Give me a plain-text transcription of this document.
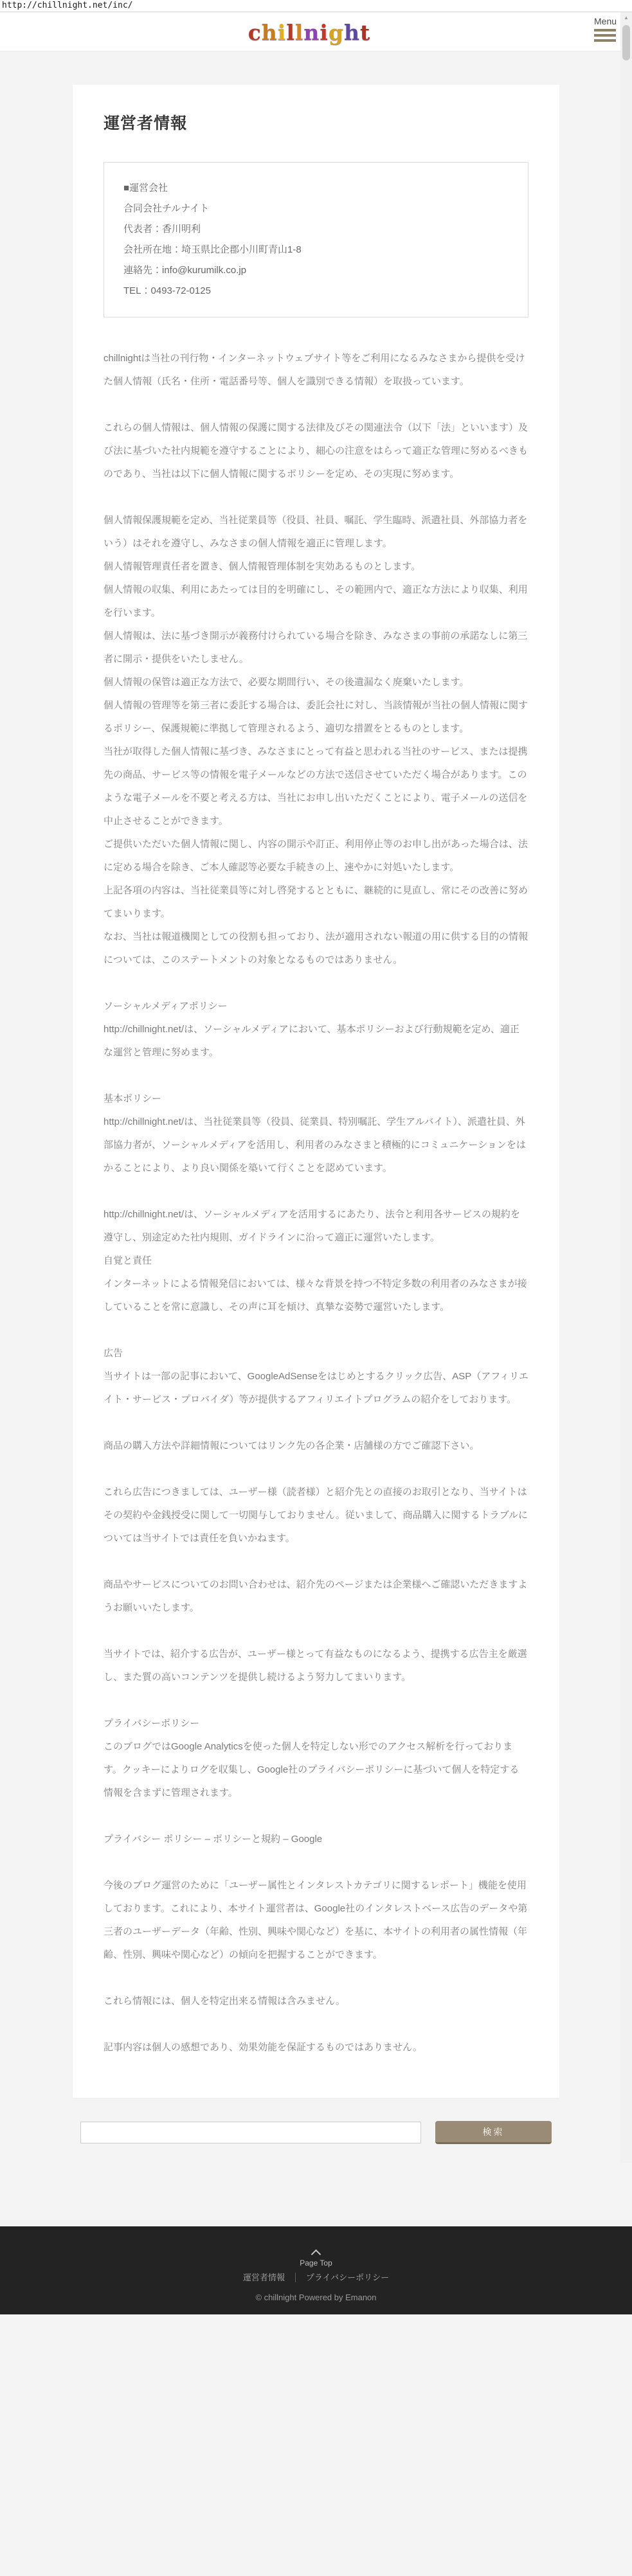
http://chillnight.net/inc/
▲
chillnight	Menu
運営者情報
■運営会社
合同会社チルナイト
代表者：香川明利
会社所在地：埼玉県比企郡小川町青山1-8
連絡先：info@kurumilk.co.jp
TEL：0493-72-0125

chillnightは当社の刊行物・インターネットウェブサイト等をご利用になるみなさまから提供を受けた個人情報（氏名・住所・電話番号等、個人を識別できる情報）を取扱っています。

これらの個人情報は、個人情報の保護に関する法律及びその関連法令（以下「法」といいます）及び法に基づいた社内規範を遵守することにより、細心の注意をはらって適正な管理に努めるべきものであり、当社は以下に個人情報に関するポリシーを定め、その実現に努めます。

個人情報保護規範を定め、当社従業員等（役員、社員、嘱託、学生臨時、派遣社員、外部協力者をいう）はそれを遵守し、みなさまの個人情報を適正に管理します。
個人情報管理責任者を置き、個人情報管理体制を実効あるものとします。
個人情報の収集、利用にあたっては目的を明確にし、その範囲内で、適正な方法により収集、利用を行います。
個人情報は、法に基づき開示が義務付けられている場合を除き、みなさまの事前の承諾なしに第三者に開示・提供をいたしません。
個人情報の保管は適正な方法で、必要な期間行い、その後遺漏なく廃棄いたします。
個人情報の管理等を第三者に委託する場合は、委託会社に対し、当該情報が当社の個人情報に関するポリシー、保護規範に準拠して管理されるよう、適切な措置をとるものとします。
当社が取得した個人情報に基づき、みなさまにとって有益と思われる当社のサービス、または提携先の商品、サービス等の情報を電子メールなどの方法で送信させていただく場合があります。このような電子メールを不要と考える方は、当社にお申し出いただくことにより、電子メールの送信を中止させることができます。
ご提供いただいた個人情報に関し、内容の開示や訂正、利用停止等のお申し出があった場合は、法に定める場合を除き、ご本人確認等必要な手続きの上、速やかに対処いたします。
上記各項の内容は、当社従業員等に対し啓発するとともに、継続的に見直し、常にその改善に努めてまいります。
なお、当社は報道機関としての役割も担っており、法が適用されない報道の用に供する目的の情報については、このステートメントの対象となるものではありません。

ソーシャルメディアポリシー
http://chillnight.net/は、ソーシャルメディアにおいて、基本ポリシーおよび行動規範を定め、適正な運営と管理に努めます。

基本ポリシー
http://chillnight.net/は、当社従業員等（役員、従業員、特別嘱託、学生アルバイト）、派遣社員、外部協力者が、ソーシャルメディアを活用し、利用者のみなさまと積極的にコミュニケーションをはかることにより、より良い関係を築いて行くことを認めています。

http://chillnight.net/は、ソーシャルメディアを活用するにあたり、法令と利用各サービスの規約を遵守し、別途定めた社内規則、ガイドラインに沿って適正に運営いたします。
自覚と責任
インターネットによる情報発信においては、様々な背景を持つ不特定多数の利用者のみなさまが接していることを常に意識し、その声に耳を傾け、真摯な姿勢で運営いたします。

広告
当サイトは一部の記事において、GoogleAdSenseをはじめとするクリック広告、ASP（アフィリエイト・サービス・プロバイダ）等が提供するアフィリエイトプログラムの紹介をしております。

商品の購入方法や詳細情報についてはリンク先の各企業・店舗様の方でご確認下さい。

これら広告につきましては、ユーザー様（読者様）と紹介先との直接のお取引となり、当サイトはその契約や金銭授受に関して一切関与しておりません。従いまして、商品購入に関するトラブルについては当サイトでは責任を負いかねます。

商品やサービスについてのお問い合わせは、紹介先のページまたは企業様へご確認いただきますようお願いいたします。

当サイトでは、紹介する広告が、ユーザー様とって有益なものになるよう、提携する広告主を厳選し、また質の高いコンテンツを提供し続けるよう努力してまいります。

プライバシーポリシー
このブログではGoogle Analyticsを使った個人を特定しない形でのアクセス解析を行っております。クッキーによりログを収集し、Google社のプライバシーポリシーに基づいて個人を特定する情報を含まずに管理されます。

プライバシー ポリシー – ポリシーと規約 – Google

今後のブログ運営のために「ユーザー属性とインタレストカテゴリに関するレポート」機能を使用しております。これにより、本サイト運営者は、Google社のインタレストベース広告のデータや第三者のユーザーデータ（年齢、性別、興味や関心など）を基に、本サイトの利用者の属性情報（年齢、性別、興味や関心など）の傾向を把握することができます。

これら情報には、個人を特定出来る情報は含みません。

記事内容は個人の感想であり、効果効能を保証するものではありません。

検索
Page Top
運営者情報	プライバシーポリシー
© chillnight Powered by Emanon
